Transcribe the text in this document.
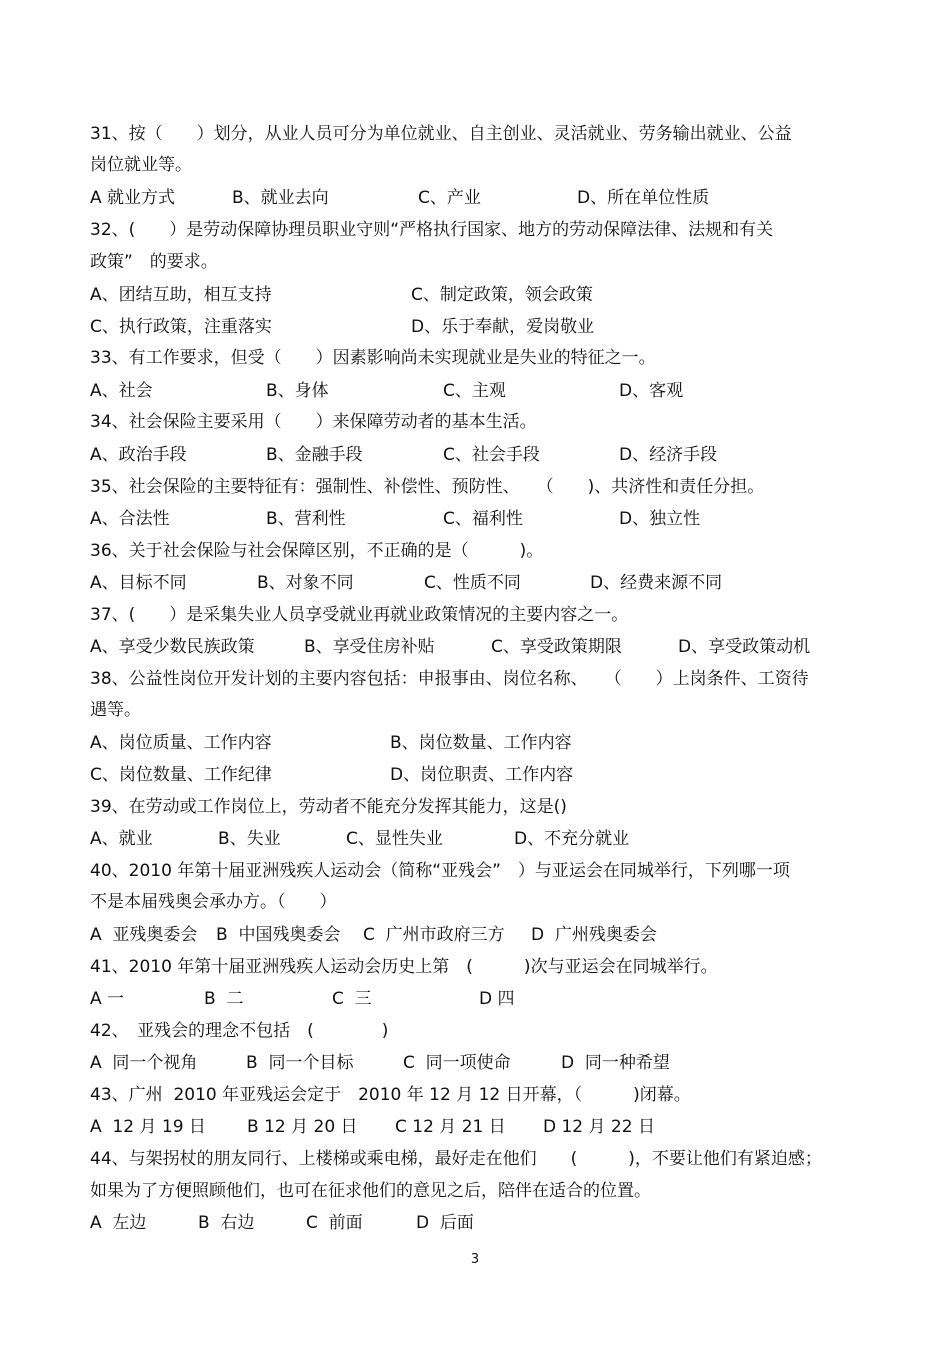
31、按（　　）划分，从业人员可分为单位就业、自主创业、灵活就业、劳务输出就业、公益
岗位就业等。
A 就业方式	B、就业去向	C、产业	D、所在单位性质
32、(　　）是劳动保障协理员职业守则“严格执行国家、地方的劳动保障法律、法规和有关
政策”　的要求。
A、团结互助，相互支持	C、制定政策，领会政策
C、执行政策，注重落实	D、乐于奉献，爱岗敬业
33、有工作要求，但受（　　）因素影响尚未实现就业是失业的特征之一。
A、社会	B、身体	C、主观	D、客观
34、社会保险主要采用（　　）来保障劳动者的基本生活。
A、政治手段	B、金融手段	C、社会手段	D、经济手段
35、社会保险的主要特征有：强制性、补偿性、预防性、　　（　　)、共济性和责任分担。
A、合法性	B、营利性	C、福利性	D、独立性
36、关于社会保险与社会保障区别，不正确的是（　　　)。
A、目标不同	B、对象不同	C、性质不同	D、经费来源不同
37、(　　）是采集失业人员享受就业再就业政策情况的主要内容之一。
A、享受少数民族政策	B、享受住房补贴	C、享受政策期限	D、享受政策动机
38、公益性岗位开发计划的主要内容包括：申报事由、岗位名称、　　（　　）上岗条件、工资待
遇等。
A、岗位质量、工作内容	B、岗位数量、工作内容
C、岗位数量、工作纪律	D、岗位职责、工作内容
39、在劳动或工作岗位上，劳动者不能充分发挥其能力，这是()
A、就业	B、失业	C、显性失业	D、不充分就业
40、2010 年第十届亚洲残疾人运动会（简称“亚残会”　）与亚运会在同城举行，下列哪一项
不是本届残奥会承办方。（　　）
A  亚残奥委会 B  中国残奥委会 C  广州市政府三方 D  广州残奥委会
41、2010 年第十届亚洲残疾人运动会历史上第　(　　　)次与亚运会在同城举行。
A 一	B  二	C  三	D 四
42、　亚残会的理念不包括　(　　　　)
A  同一个视角	B  同一个目标	C  同一项使命	D  同一种希望
43、广州  2010 年亚残运会定于　2010 年 12 月 12 日开幕，（　　　)闭幕。
A  12 月 19 日 B 12 月 20 日 C 12 月 21 日 D 12 月 22 日
44、与架拐杖的朋友同行、上楼梯或乘电梯，最好走在他们　　(　　　)，不要让他们有紧迫感；
如果为了方便照顾他们，也可在征求他们的意见之后，陪伴在适合的位置。
A  左边	B  右边	C  前面	D  后面
3
